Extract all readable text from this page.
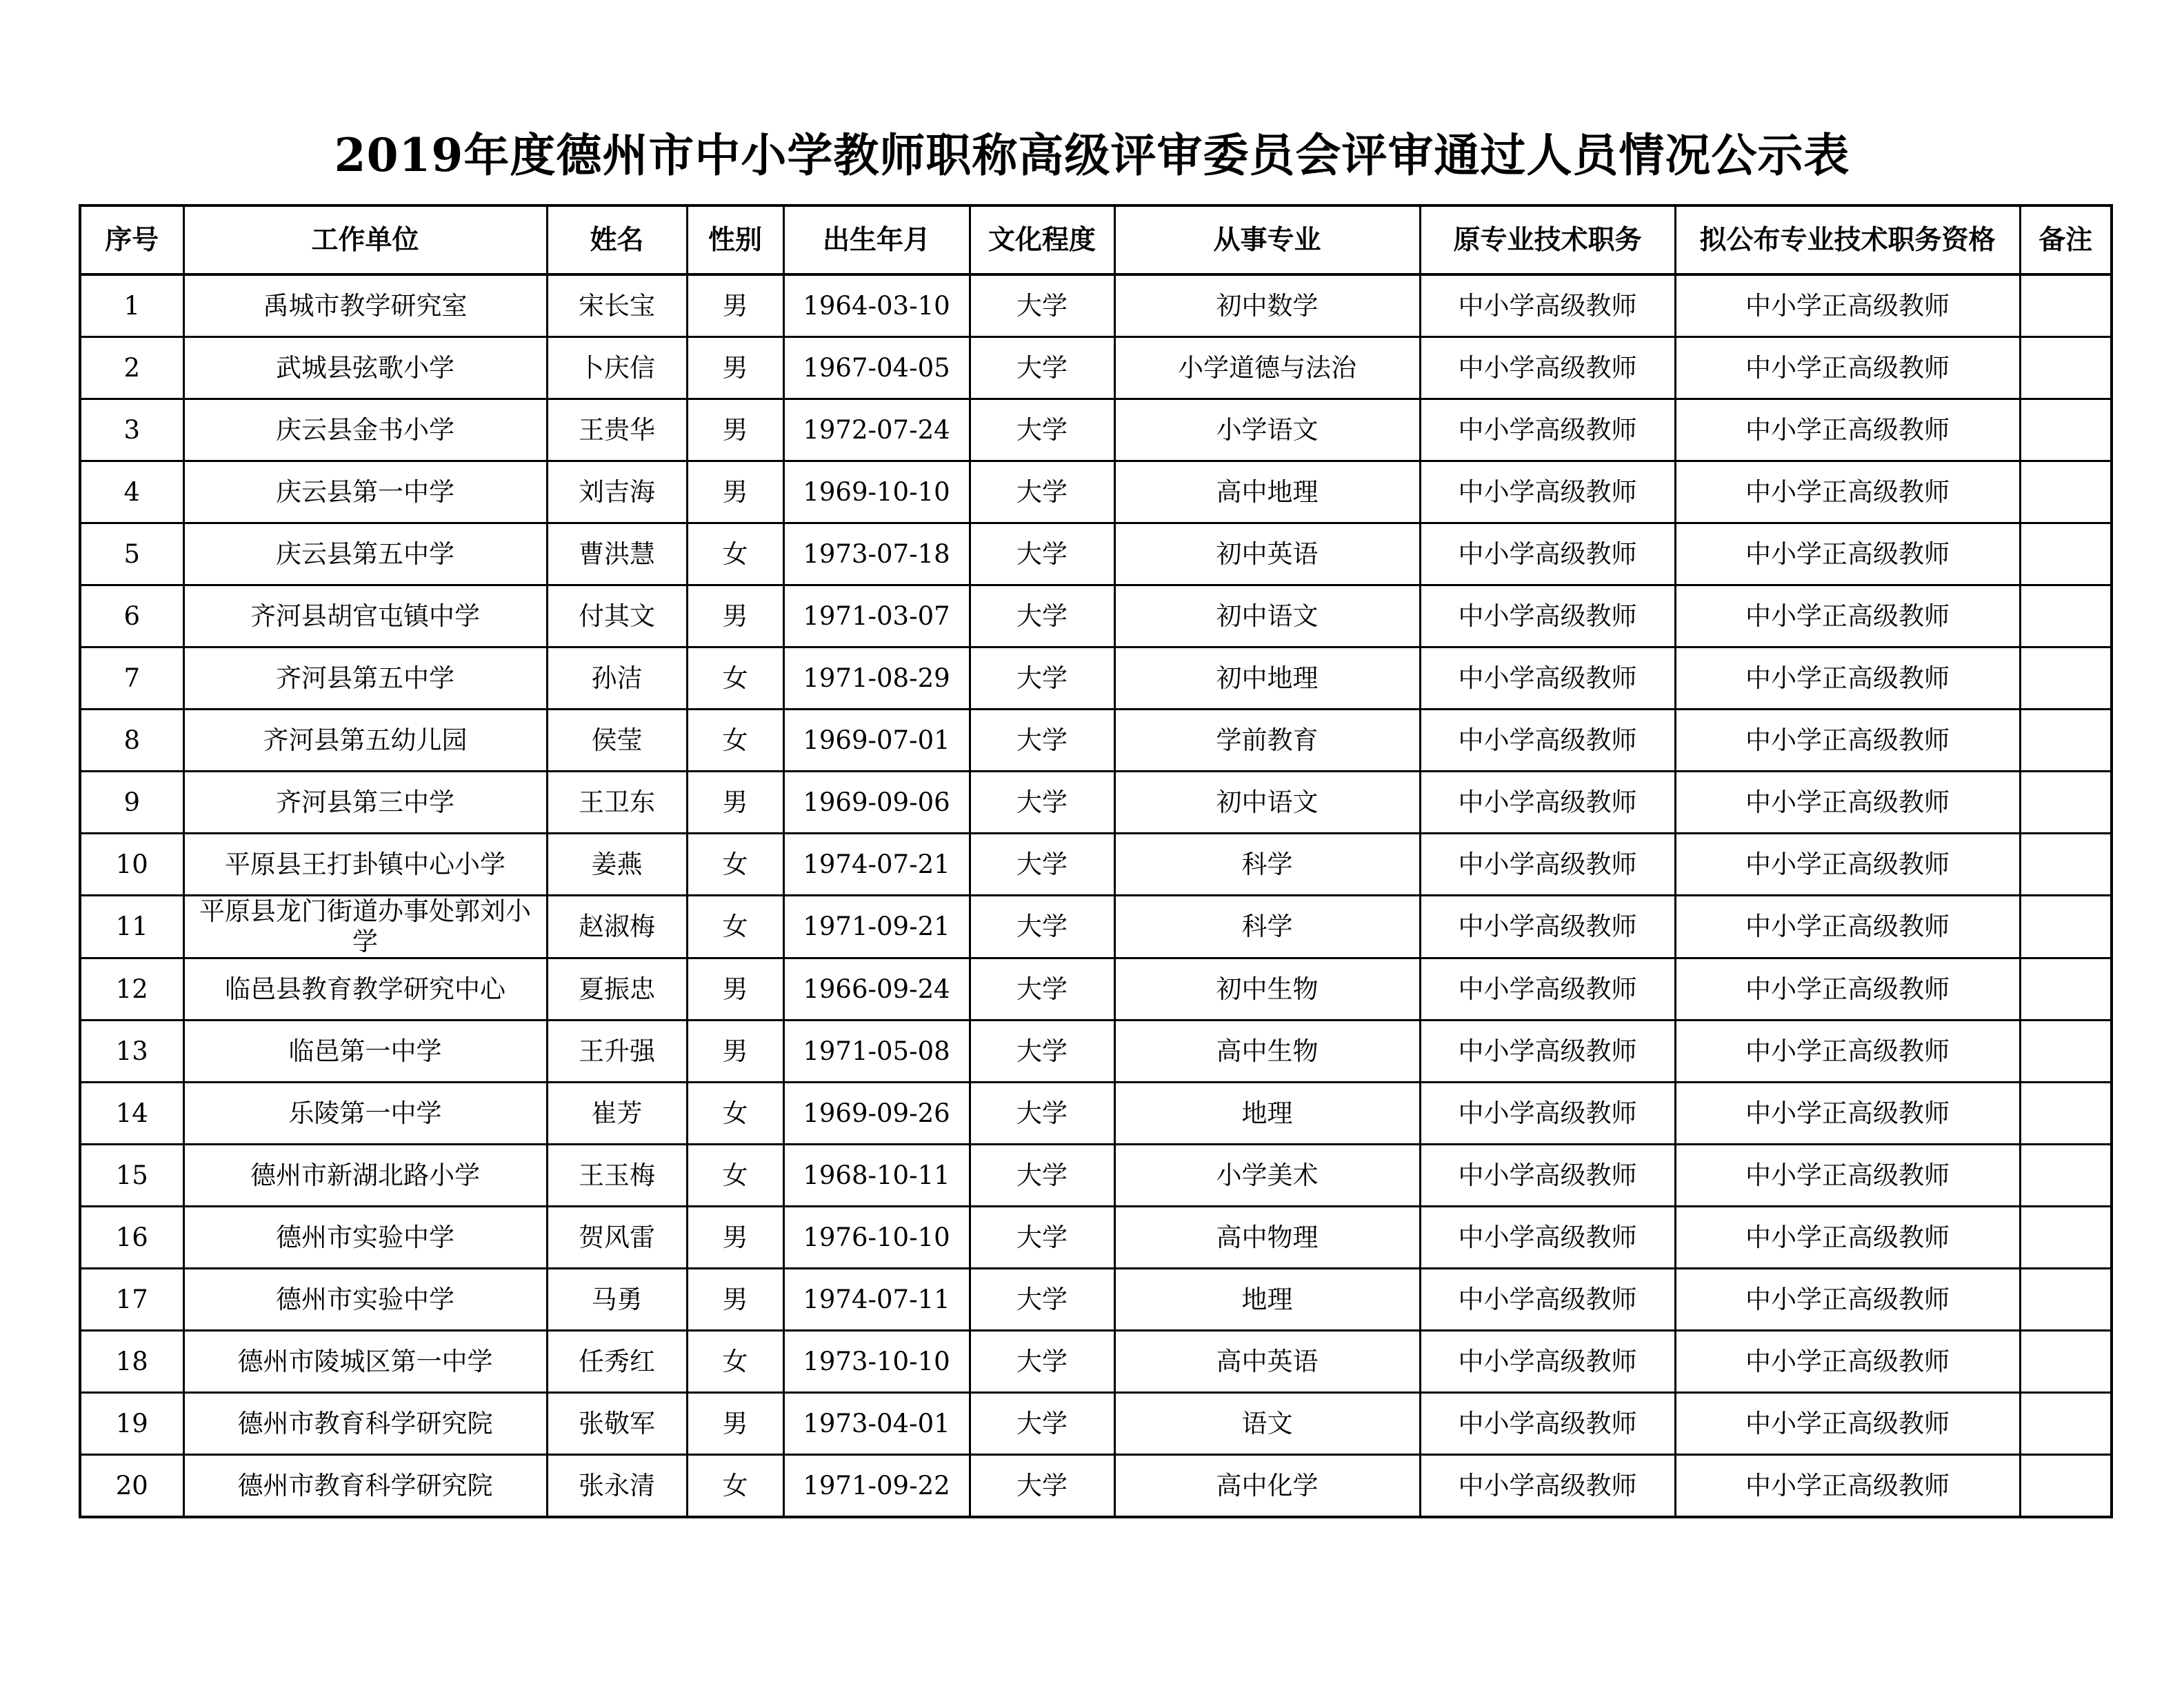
2019年度德州市中小学教师职称高级评审委员会评审通过人员情况公示表
序号	工作单位	姓名	性别	出生年月	文化程度	从事专业	原专业技术职务	拟公布专业技术职务资格	备注
1	禹城市教学研究室	宋长宝	男	1964-03-10	大学	初中数学	中小学高级教师	中小学正高级教师	
2	武城县弦歌小学	卜庆信	男	1967-04-05	大学	小学道德与法治	中小学高级教师	中小学正高级教师	
3	庆云县金书小学	王贵华	男	1972-07-24	大学	小学语文	中小学高级教师	中小学正高级教师	
4	庆云县第一中学	刘吉海	男	1969-10-10	大学	高中地理	中小学高级教师	中小学正高级教师	
5	庆云县第五中学	曹洪慧	女	1973-07-18	大学	初中英语	中小学高级教师	中小学正高级教师	
6	齐河县胡官屯镇中学	付其文	男	1971-03-07	大学	初中语文	中小学高级教师	中小学正高级教师	
7	齐河县第五中学	孙洁	女	1971-08-29	大学	初中地理	中小学高级教师	中小学正高级教师	
8	齐河县第五幼儿园	侯莹	女	1969-07-01	大学	学前教育	中小学高级教师	中小学正高级教师	
9	齐河县第三中学	王卫东	男	1969-09-06	大学	初中语文	中小学高级教师	中小学正高级教师	
10	平原县王打卦镇中心小学	姜燕	女	1974-07-21	大学	科学	中小学高级教师	中小学正高级教师	
11	平原县龙门街道办事处郭刘小学	赵淑梅	女	1971-09-21	大学	科学	中小学高级教师	中小学正高级教师	
12	临邑县教育教学研究中心	夏振忠	男	1966-09-24	大学	初中生物	中小学高级教师	中小学正高级教师	
13	临邑第一中学	王升强	男	1971-05-08	大学	高中生物	中小学高级教师	中小学正高级教师	
14	乐陵第一中学	崔芳	女	1969-09-26	大学	地理	中小学高级教师	中小学正高级教师	
15	德州市新湖北路小学	王玉梅	女	1968-10-11	大学	小学美术	中小学高级教师	中小学正高级教师	
16	德州市实验中学	贺风雷	男	1976-10-10	大学	高中物理	中小学高级教师	中小学正高级教师	
17	德州市实验中学	马勇	男	1974-07-11	大学	地理	中小学高级教师	中小学正高级教师	
18	德州市陵城区第一中学	任秀红	女	1973-10-10	大学	高中英语	中小学高级教师	中小学正高级教师	
19	德州市教育科学研究院	张敬军	男	1973-04-01	大学	语文	中小学高级教师	中小学正高级教师	
20	德州市教育科学研究院	张永清	女	1971-09-22	大学	高中化学	中小学高级教师	中小学正高级教师	
